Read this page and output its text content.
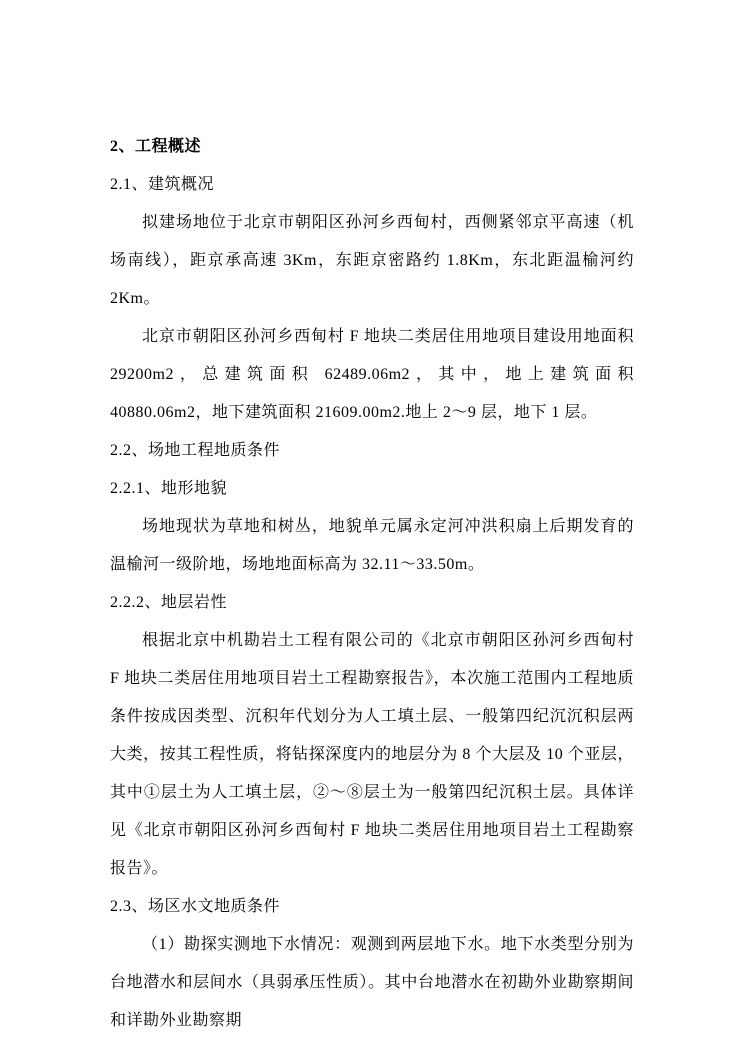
2、工程概述

2.1、建筑概况

拟建场地位于北京市朝阳区孙河乡西甸村，西侧紧邻京平高速（机场南线），距京承高速 3Km，东距京密路约 1.8Km，东北距温榆河约 2Km。

北京市朝阳区孙河乡西甸村 F 地块二类居住用地项目建设用地面积 29200m2，总建筑面积 62489.06m2，其中，地上建筑面积 40880.06m2，地下建筑面积 21609.00m2.地上 2～9 层，地下 1 层。

2.2、场地工程地质条件

2.2.1、地形地貌

场地现状为草地和树丛，地貌单元属永定河冲洪积扇上后期发育的温榆河一级阶地，场地地面标高为 32.11～33.50m。

2.2.2、地层岩性

根据北京中机勘岩土工程有限公司的《北京市朝阳区孙河乡西甸村 F 地块二类居住用地项目岩土工程勘察报告》，本次施工范围内工程地质条件按成因类型、沉积年代划分为人工填土层、一般第四纪沉沉积层两大类，按其工程性质，将钻探深度内的地层分为 8 个大层及 10 个亚层，其中①层土为人工填土层，②～⑧层土为一般第四纪沉积土层。具体详见《北京市朝阳区孙河乡西甸村 F 地块二类居住用地项目岩土工程勘察报告》。

2.3、场区水文地质条件

（1）勘探实测地下水情况：观测到两层地下水。地下水类型分别为台地潜水和层间水（具弱承压性质）。其中台地潜水在初勘外业勘察期间和详勘外业勘察期
